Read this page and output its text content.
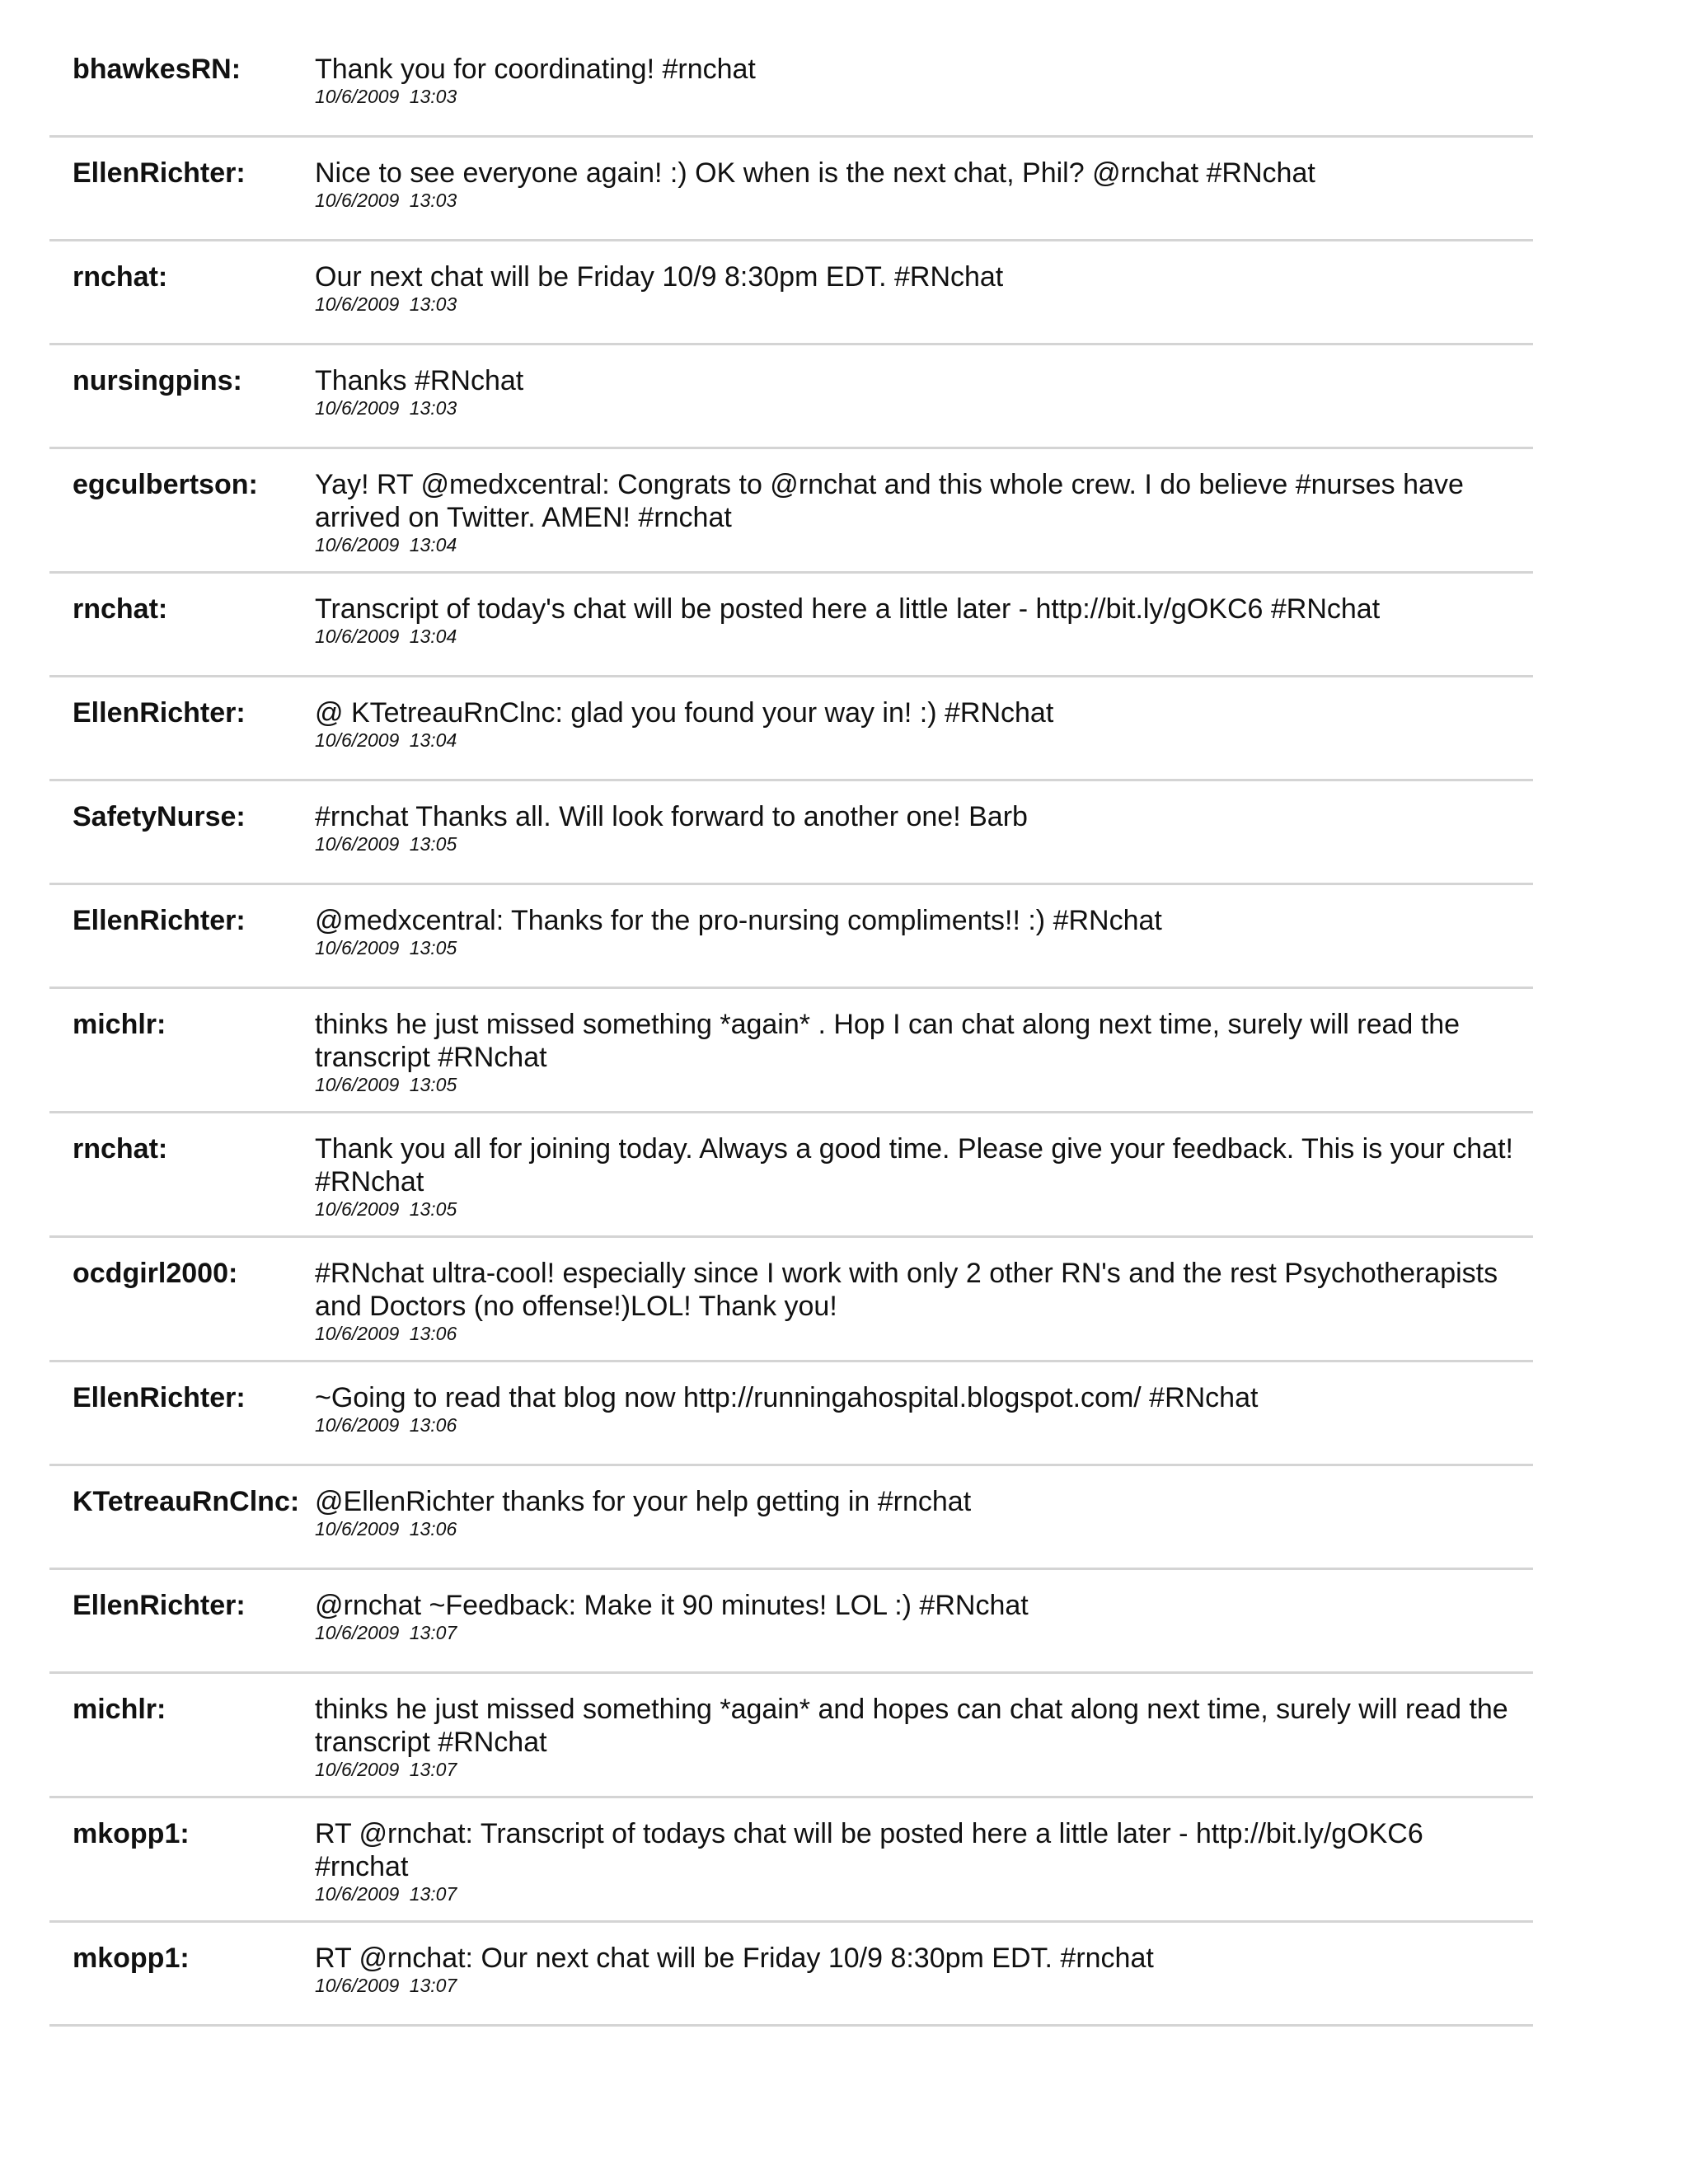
bhawkesRN:	Thank you for coordinating! #rnchat
10/6/2009 13:03
EllenRichter:	Nice to see everyone again! :) OK when is the next chat, Phil? @rnchat #RNchat
10/6/2009 13:03
rnchat:	Our next chat will be Friday 10/9 8:30pm EDT. #RNchat
10/6/2009 13:03
nursingpins:	Thanks #RNchat
10/6/2009 13:03
egculbertson:	Yay! RT @medxcentral: Congrats to @rnchat and this whole crew. I do believe #nurses have arrived on Twitter. AMEN! #rnchat
10/6/2009 13:04
rnchat:	Transcript of today's chat will be posted here a little later - http://bit.ly/gOKC6 #RNchat
10/6/2009 13:04
EllenRichter:	@ KTetreauRnClnc: glad you found your way in! :) #RNchat
10/6/2009 13:04
SafetyNurse:	#rnchat Thanks all. Will look forward to another one! Barb
10/6/2009 13:05
EllenRichter:	@medxcentral: Thanks for the pro-nursing compliments!! :) #RNchat
10/6/2009 13:05
michlr:	thinks he just missed something *again* . Hop I can chat along next time, surely will read the transcript #RNchat
10/6/2009 13:05
rnchat:	Thank you all for joining today. Always a good time. Please give your feedback. This is your chat! #RNchat
10/6/2009 13:05
ocdgirl2000:	#RNchat ultra-cool! especially since I work with only 2 other RN's and the rest Psychotherapists and Doctors (no offense!)LOL! Thank you!
10/6/2009 13:06
EllenRichter:	~Going to read that blog now http://runningahospital.blogspot.com/ #RNchat
10/6/2009 13:06
KTetreauRnClnc: @EllenRichter thanks for your help getting in #rnchat
10/6/2009 13:06
EllenRichter:	@rnchat ~Feedback: Make it 90 minutes! LOL :) #RNchat
10/6/2009 13:07
michlr:	thinks he just missed something *again* and hopes can chat along next time, surely will read the transcript #RNchat
10/6/2009 13:07
mkopp1:	RT @rnchat: Transcript of todays chat will be posted here a little later - http://bit.ly/gOKC6 #rnchat
10/6/2009 13:07
mkopp1:	RT @rnchat: Our next chat will be Friday 10/9 8:30pm EDT. #rnchat
10/6/2009 13:07
